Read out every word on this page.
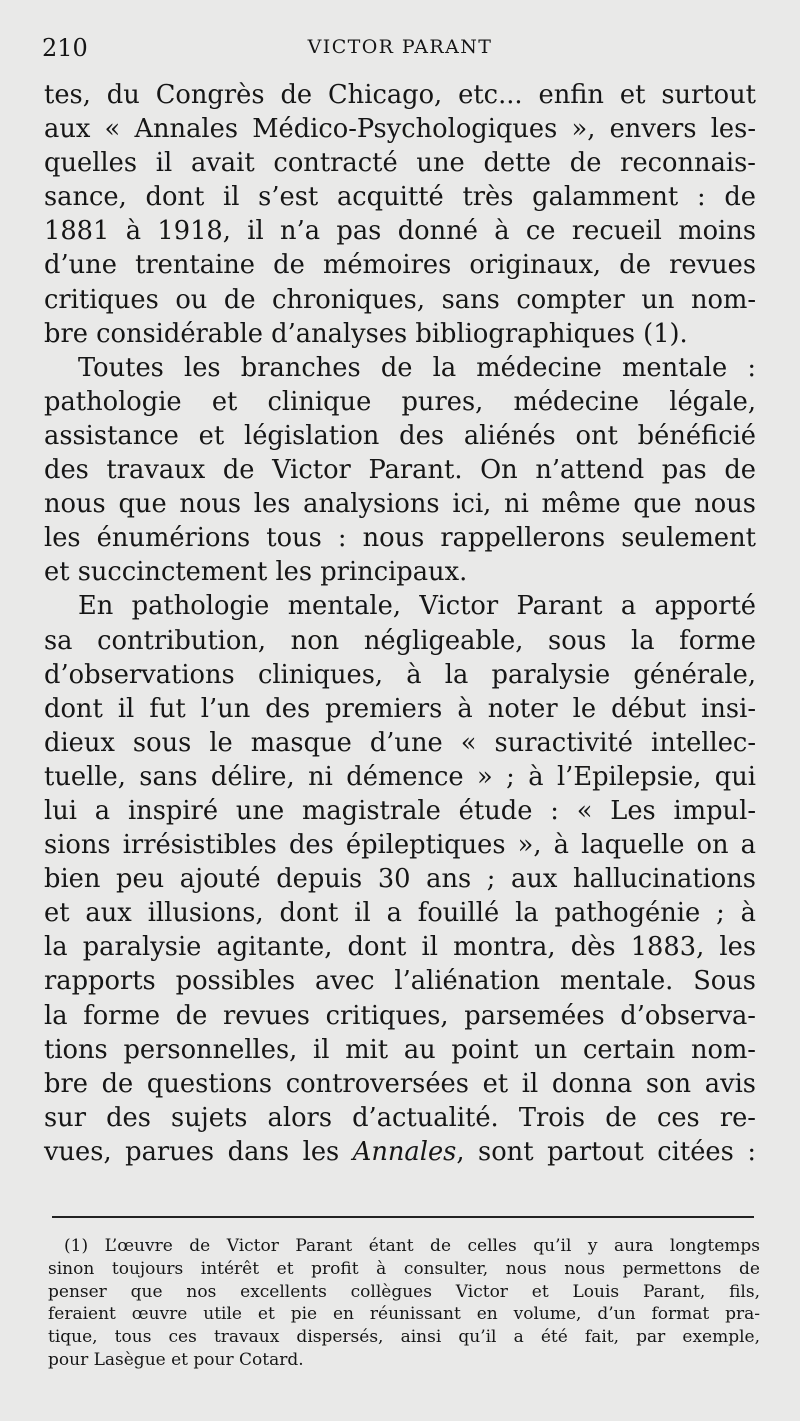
210	VICTOR PARANT
tes, du Congrès de Chicago, etc... enfin et surtout
aux « Annales Médico-Psychologiques », envers les-
quelles il avait contracté une dette de reconnais-
sance, dont il s’est acquitté très galamment : de
1881 à 1918, il n’a pas donné à ce recueil moins
d’une trentaine de mémoires originaux, de revues
critiques ou de chroniques, sans compter un nom-
bre considérable d’analyses bibliographiques (1).
Toutes les branches de la médecine mentale :
pathologie et clinique pures, médecine légale,
assistance et législation des aliénés ont bénéficié
des travaux de Victor Parant. On n’attend pas de
nous que nous les analysions ici, ni même que nous
les énumérions tous : nous rappellerons seulement
et succinctement les principaux.
En pathologie mentale, Victor Parant a apporté
sa contribution, non négligeable, sous la forme
d’observations cliniques, à la paralysie générale,
dont il fut l’un des premiers à noter le début insi-
dieux sous le masque d’une « suractivité intellec-
tuelle, sans délire, ni démence » ; à l’Epilepsie, qui
lui a inspiré une magistrale étude : « Les impul-
sions irrésistibles des épileptiques », à laquelle on a
bien peu ajouté depuis 30 ans ; aux hallucinations
et aux illusions, dont il a fouillé la pathogénie ; à
la paralysie agitante, dont il montra, dès 1883, les
rapports possibles avec l’aliénation mentale. Sous
la forme de revues critiques, parsemées d’observa-
tions personnelles, il mit au point un certain nom-
bre de questions controversées et il donna son avis
sur des sujets alors d’actualité. Trois de ces re-
vues, parues dans les Annales, sont partout citées :
(1) L’œuvre de Victor Parant étant de celles qu’il y aura longtemps
sinon toujours intérêt et profit à consulter, nous nous permettons de
penser que nos excellents collègues Victor et Louis Parant, fils,
feraient œuvre utile et pie en réunissant en volume, d’un format pra-
tique, tous ces travaux dispersés, ainsi qu’il a été fait, par exemple,
pour Lasègue et pour Cotard.
